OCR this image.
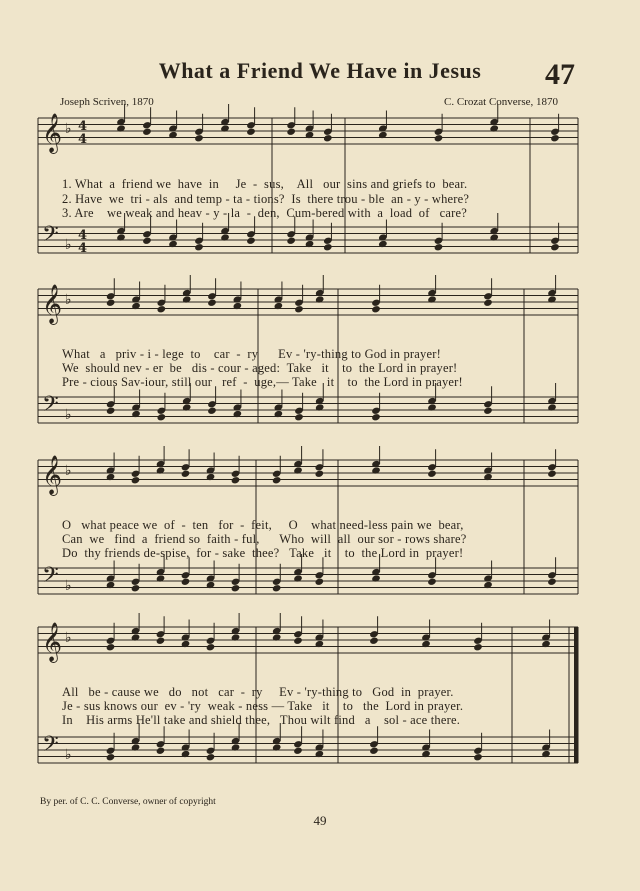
What a Friend We Have in Jesus	47
Joseph Scriven, 1870	C. Crozat Converse, 1870
𝄞 ♭ 4
4
𝄢 ♭
4
4
𝄞 ♭
𝄢 ♭
𝄞 ♭
𝄢 ♭
𝄞 ♭
𝄢 ♭
1. What  a  friend we  have  in     Je  -  sus,    All   our  sins and griefs to  bear.
2. Have  we  tri - als  and temp - ta - tions?  Is  there trou - ble  an - y - where?
3. Are    we weak and heav - y - la  -  den,  Cum-bered with  a  load  of   care?
What   a   priv - i - lege  to    car  -  ry      Ev - 'ry-thing to God in prayer!
We  should nev - er  be   dis - cour - aged:  Take   it    to  the Lord in prayer!
Pre - cious Sav-iour, still our   ref  -  uge,— Take   it    to  the Lord in prayer!
O   what peace we  of  -  ten   for  -  feit,     O    what need-less pain we  bear,
Can  we   find  a  friend so  faith - ful,      Who  will  all  our sor - rows share?
Do  thy friends de-spise,  for - sake  thee?   Take   it    to  the Lord in  prayer!
All   be - cause we   do   not   car  -  ry     Ev - 'ry-thing to   God  in  prayer.
Je - sus knows our  ev - 'ry  weak - ness — Take   it    to   the  Lord in prayer.
In    His arms He'll take and shield thee,   Thou wilt find   a    sol - ace there.
By per. of C. C. Converse, owner of copyright
49
